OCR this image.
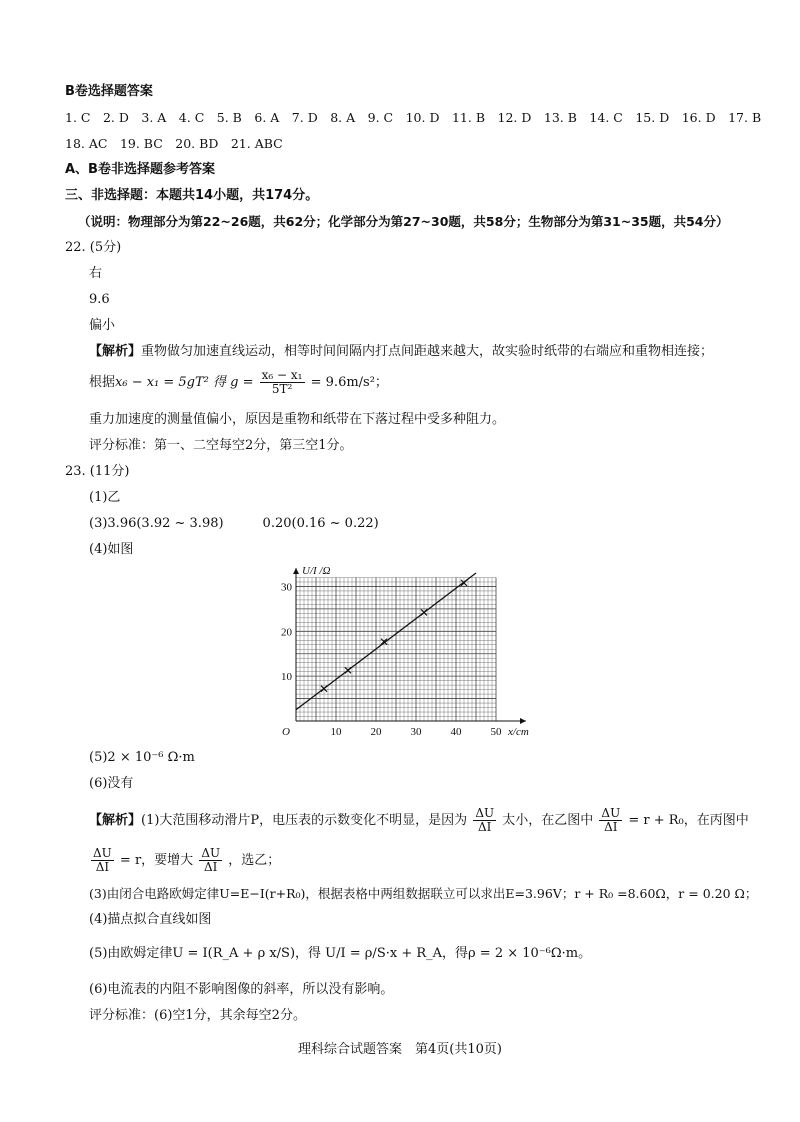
B卷选择题答案
1. C　2. D　3. A　4. C　5. B　6. A　7. D　8. A　9. C　10. D　11. B　12. D　13. B　14. C　15. D　16. D　17. B
18. AC　19. BC　20. BD　21. ABC
A、B卷非选择题参考答案
三、非选择题：本题共14小题，共174分。
（说明：物理部分为第22~26题，共62分；化学部分为第27~30题，共58分；生物部分为第31~35题，共54分）
22. (5分)
右
9.6
偏小
【解析】重物做匀加速直线运动，相等时间间隔内打点间距越来越大，故实验时纸带的右端应和重物相连接；
根据x₆ − x₁ = 5gT² 得 $g = \frac{\text{x₆ − x₁}}{\text{5T²}} = 9.6m/s^2$；
重力加速度的测量值偏小，原因是重物和纸带在下落过程中受多种阻力。
评分标准：第一、二空每空2分，第三空1分。
23. (11分)
(1)乙
(3)3.96(3.92 ~ 3.98)　　　0.20(0.16 ~ 0.22)
(4)如图
10	20	30	40	50
10
20
30
O	x/cm
U/I /Ω
(5)2 × 10⁻⁶ Ω·m
(6)没有
【解析】(1)大范围移动滑片P，电压表的示数变化不明显，是因为 $\frac{\Delta U}{\Delta I}$ 太小，在乙图中 $\frac{\Delta U}{\Delta I} = r + R_0$，在丙图中
$\frac{\Delta U}{\Delta I} = r$，要增大 $\frac{\Delta U}{\Delta I}$ ，选乙；
(3)由闭合电路欧姆定律U=E−I(r+R₀)，根据表格中两组数据联立可以求出E=3.96V；r + R₀ =8.60Ω，r = 0.20 Ω；
(4)描点拟合直线如图
(5)由欧姆定律U = I(R_A + ρ x/S)，得 U/I = ρ/S·x + R_A，得ρ = 2 × 10⁻⁶Ω·m。
(6)电流表的内阻不影响图像的斜率，所以没有影响。
评分标准：(6)空1分，其余每空2分。
理科综合试题答案　第4页(共10页)
